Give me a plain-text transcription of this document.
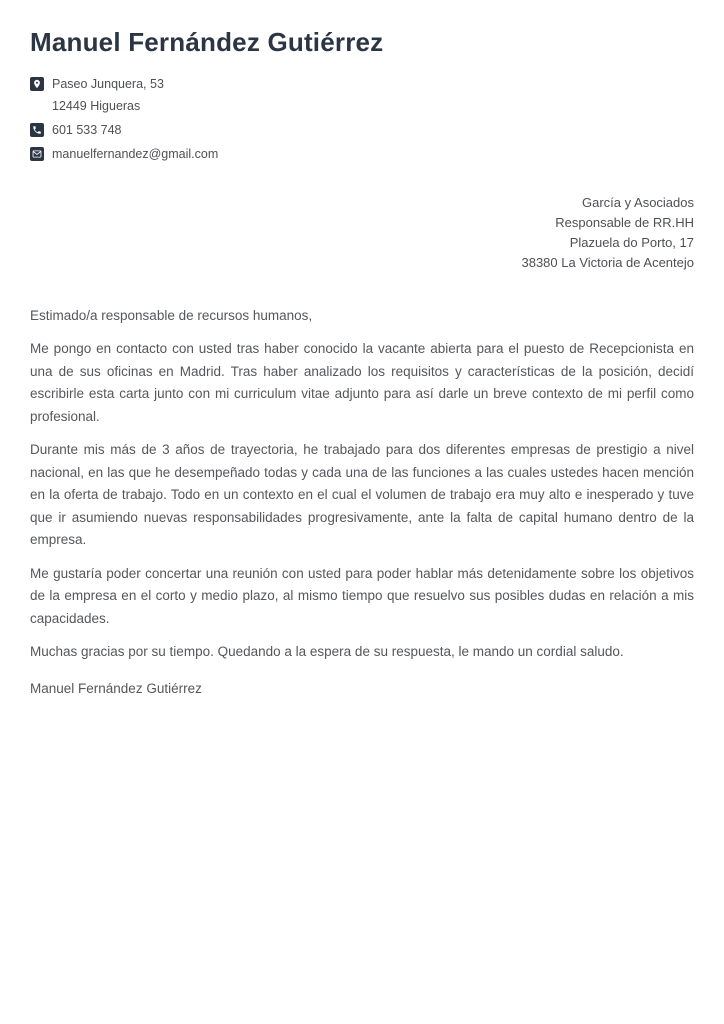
Manuel Fernández Gutiérrez
Paseo Junquera, 53
12449 Higueras
601 533 748
manuelfernandez@gmail.com
García y Asociados
Responsable de RR.HH
Plazuela do Porto, 17
38380 La Victoria de Acentejo

Estimado/a responsable de recursos humanos,

Me pongo en contacto con usted tras haber conocido la vacante abierta para el puesto de Recepcionista en una de sus oficinas en Madrid. Tras haber analizado los requisitos y características de la posición, decidí escribirle esta carta junto con mi curriculum vitae adjunto para así darle un breve contexto de mi perfil como profesional.

Durante mis más de 3 años de trayectoria, he trabajado para dos diferentes empresas de prestigio a nivel nacional, en las que he desempeñado todas y cada una de las funciones a las cuales ustedes hacen mención en la oferta de trabajo. Todo en un contexto en el cual el volumen de trabajo era muy alto e inesperado y tuve que ir asumiendo nuevas responsabilidades progresivamente, ante la falta de capital humano dentro de la empresa.

Me gustaría poder concertar una reunión con usted para poder hablar más detenidamente sobre los objetivos de la empresa en el corto y medio plazo, al mismo tiempo que resuelvo sus posibles dudas en relación a mis capacidades.

Muchas gracias por su tiempo. Quedando a la espera de su respuesta, le mando un cordial saludo.

Manuel Fernández Gutiérrez
